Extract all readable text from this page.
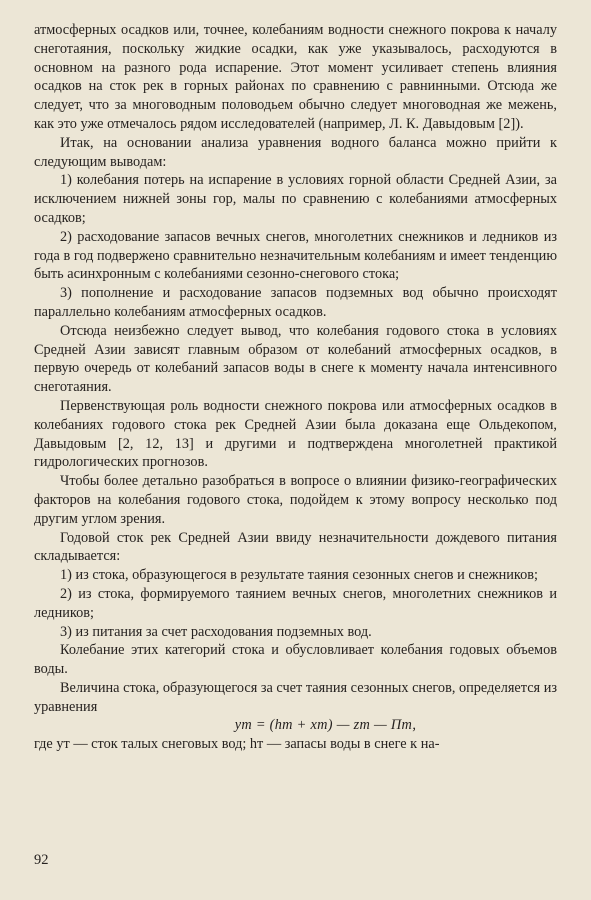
атмосферных осадков или, точнее, колебаниям водности снежного покрова к началу снеготаяния, поскольку жидкие осадки, как уже указывалось, расходуются в основном на разного рода испарение. Этот момент усиливает степень влияния осадков на сток рек в горных районах по сравнению с равнинными. Отсюда же следует, что за многоводным половодьем обычно следует многоводная же межень, как это уже отмечалось рядом исследователей (например, Л. К. Давыдовым [2]).

Итак, на основании анализа уравнения водного баланса можно прийти к следующим выводам:

1) колебания потерь на испарение в условиях горной области Средней Азии, за исключением нижней зоны гор, малы по сравнению с колебаниями атмосферных осадков;

2) расходование запасов вечных снегов, многолетних снежников и ледников из года в год подвержено сравнительно незначительным колебаниям и имеет тенденцию быть асинхронным с колебаниями сезонно-снегового стока;

3) пополнение и расходование запасов подземных вод обычно происходят параллельно колебаниям атмосферных осадков.

Отсюда неизбежно следует вывод, что колебания годового стока в условиях Средней Азии зависят главным образом от колебаний атмосферных осадков, в первую очередь от колебаний запасов воды в снеге к моменту начала интенсивного снеготаяния.

Первенствующая роль водности снежного покрова или атмосферных осадков в колебаниях годового стока рек Средней Азии была доказана еще Ольдекопом, Давыдовым [2, 12, 13] и другими и подтверждена многолетней практикой гидрологических прогнозов.

Чтобы более детально разобраться в вопросе о влиянии физико-географических факторов на колебания годового стока, подойдем к этому вопросу несколько под другим углом зрения.

Годовой сток рек Средней Азии ввиду незначительности дождевого питания складывается:

1) из стока, образующегося в результате таяния сезонных снегов и снежников;

2) из стока, формируемого таянием вечных снегов, многолетних снежников и ледников;

3) из питания за счет расходования подземных вод.

Колебание этих категорий стока и обусловливает колебания годовых объемов воды.

Величина стока, образующегося за счет таяния сезонных снегов, определяется из уравнения

yт = (hт + xт) — zт — Пт,

где yт — сток талых снеговых вод; hт — запасы воды в снеге к на-

92
